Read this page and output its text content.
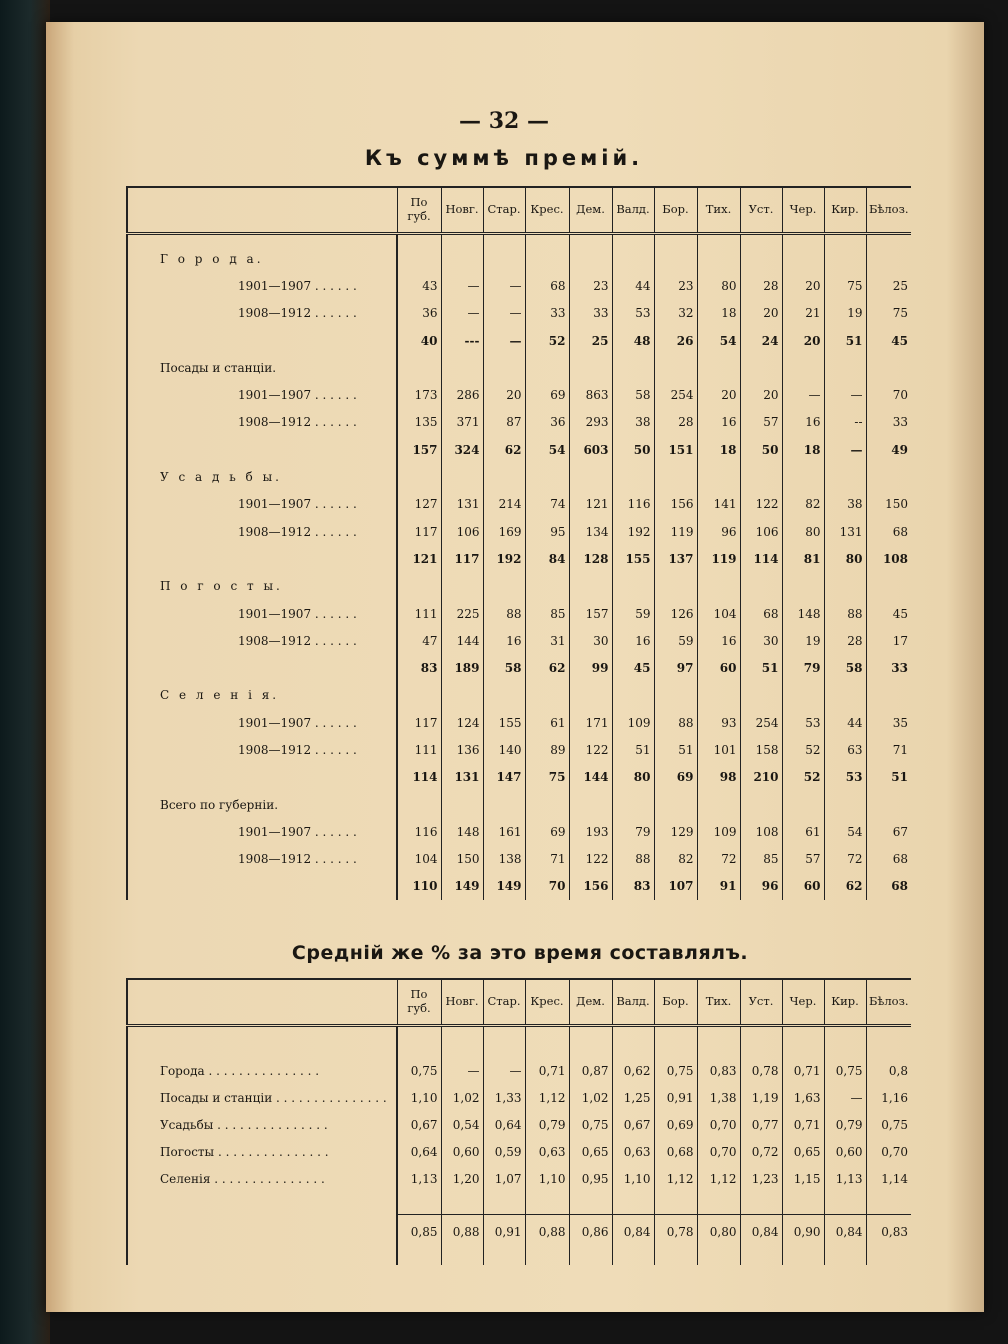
— 32 —
Къ суммѣ премій.
	По губ.	Новг.	Стар.	Крес.	Дем.	Валд.	Бор.	Тих.	Уст.	Чер.	Кир.	Бѣлоз.

Г о р о д а.												
1901—1907 . . . . . .	43	—	—	68	23	44	23	80	28	20	75	25
1908—1912 . . . . . .	36	—	—	33	33	53	32	18	20	21	19	75
	40	---	—	52	25	48	26	54	24	20	51	45
Посады и станціи.												
1901—1907 . . . . . .	173	286	20	69	863	58	254	20	20	—	—	70
1908—1912 . . . . . .	135	371	87	36	293	38	28	16	57	16	--	33
	157	324	62	54	603	50	151	18	50	18	—	49
У с а д ь б ы.												
1901—1907 . . . . . .	127	131	214	74	121	116	156	141	122	82	38	150
1908—1912 . . . . . .	117	106	169	95	134	192	119	96	106	80	131	68
	121	117	192	84	128	155	137	119	114	81	80	108
П о г о с т ы.												
1901—1907 . . . . . .	111	225	88	85	157	59	126	104	68	148	88	45
1908—1912 . . . . . .	47	144	16	31	30	16	59	16	30	19	28	17
	83	189	58	62	99	45	97	60	51	79	58	33
С е л е н і я.												
1901—1907 . . . . . .	117	124	155	61	171	109	88	93	254	53	44	35
1908—1912 . . . . . .	111	136	140	89	122	51	51	101	158	52	63	71
	114	131	147	75	144	80	69	98	210	52	53	51
Всего по губерніи.												
1901—1907 . . . . . .	116	148	161	69	193	79	129	109	108	61	54	67
1908—1912 . . . . . .	104	150	138	71	122	88	82	72	85	57	72	68
	110	149	149	70	156	83	107	91	96	60	62	68
Средній же % за это время составлялъ.
	По губ.	Новг.	Стар.	Крес.	Дем.	Валд.	Бор.	Тих.	Уст.	Чер.	Кир.	Бѣлоз.

Города . . . . . . . . . . . . . . .	0,75	—	—	0,71	0,87	0,62	0,75	0,83	0,78	0,71	0,75	0,8
Посады и станціи . . . . . . . . . . . . . . .	1,10	1,02	1,33	1,12	1,02	1,25	0,91	1,38	1,19	1,63	—	1,16
Усадьбы . . . . . . . . . . . . . . .	0,67	0,54	0,64	0,79	0,75	0,67	0,69	0,70	0,77	0,71	0,79	0,75
Погосты . . . . . . . . . . . . . . .	0,64	0,60	0,59	0,63	0,65	0,63	0,68	0,70	0,72	0,65	0,60	0,70
Селенія . . . . . . . . . . . . . . .	1,13	1,20	1,07	1,10	0,95	1,10	1,12	1,12	1,23	1,15	1,13	1,14

	0,85	0,88	0,91	0,88	0,86	0,84	0,78	0,80	0,84	0,90	0,84	0,83
